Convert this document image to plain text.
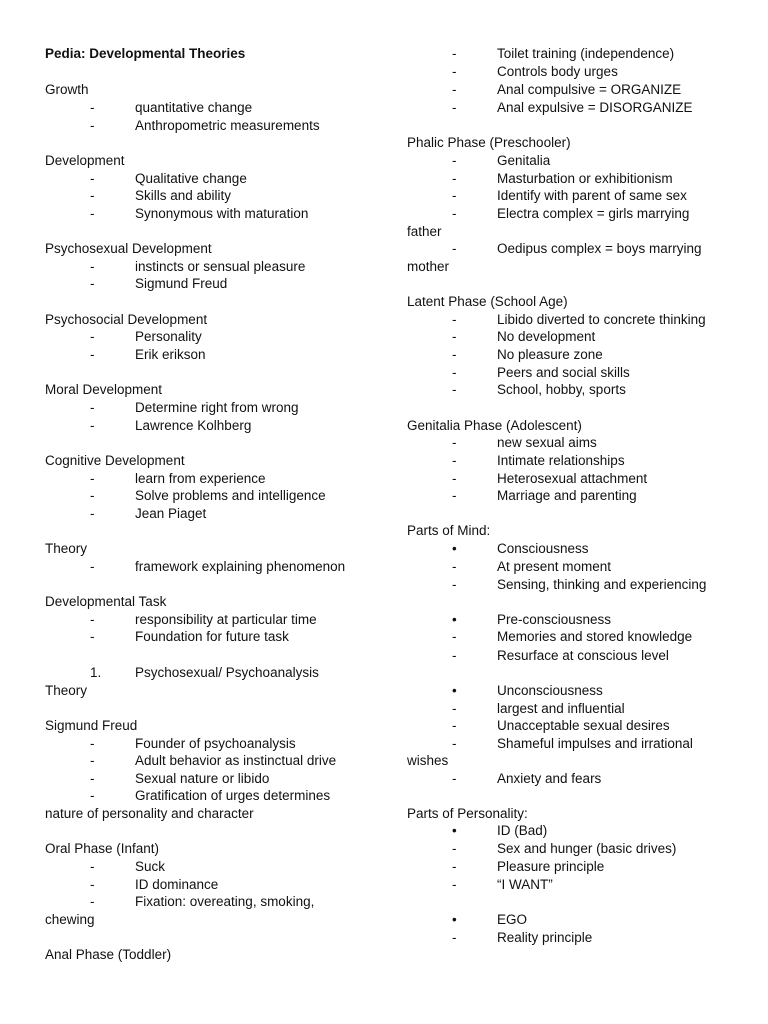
Pedia: Developmental Theories
Growth
-	quantitative change
-	Anthropometric measurements
Development
-	Qualitative change
-	Skills and ability
-	Synonymous with maturation
Psychosexual Development
-	instincts or sensual pleasure
-	Sigmund Freud
Psychosocial Development
-	Personality
-	Erik erikson
Moral Development
-	Determine right from wrong
-	Lawrence Kolhberg
Cognitive Development
-	learn from experience
-	Solve problems and intelligence
-	Jean Piaget
Theory
-	framework explaining phenomenon
Developmental Task
-	responsibility at particular time
-	Foundation for future task
1. Psychosexual/ Psychoanalysis
Theory
Sigmund Freud
-	Founder of psychoanalysis
-	Adult behavior as instinctual drive
-	Sexual nature or libido
-	Gratification of urges determines
nature of personality and character
Oral Phase (Infant)
-	Suck
-	ID dominance
-	Fixation: overeating, smoking,
chewing
Anal Phase (Toddler)
-	Toilet training (independence)
-	Controls body urges
-	Anal compulsive = ORGANIZE
-	Anal expulsive = DISORGANIZE
Phalic Phase (Preschooler)
-	Genitalia
-	Masturbation or exhibitionism
-	Identify with parent of same sex
-	Electra complex = girls marrying
father
-	Oedipus complex = boys marrying
mother
Latent Phase (School Age)
-	Libido diverted to concrete thinking
-	No development
-	No pleasure zone
-	Peers and social skills
-	School, hobby, sports
Genitalia Phase (Adolescent)
-	new sexual aims
-	Intimate relationships
-	Heterosexual attachment
-	Marriage and parenting
Parts of Mind:
•	Consciousness
-	At present moment
-	Sensing, thinking and experiencing
•	Pre-consciousness
-	Memories and stored knowledge
-	Resurface at conscious level
•	Unconsciousness
-	largest and influential
-	Unacceptable sexual desires
-	Shameful impulses and irrational
wishes
-	Anxiety and fears
Parts of Personality:
•	ID (Bad)
-	Sex and hunger (basic drives)
-	Pleasure principle
-	“I WANT”
•	EGO
-	Reality principle
